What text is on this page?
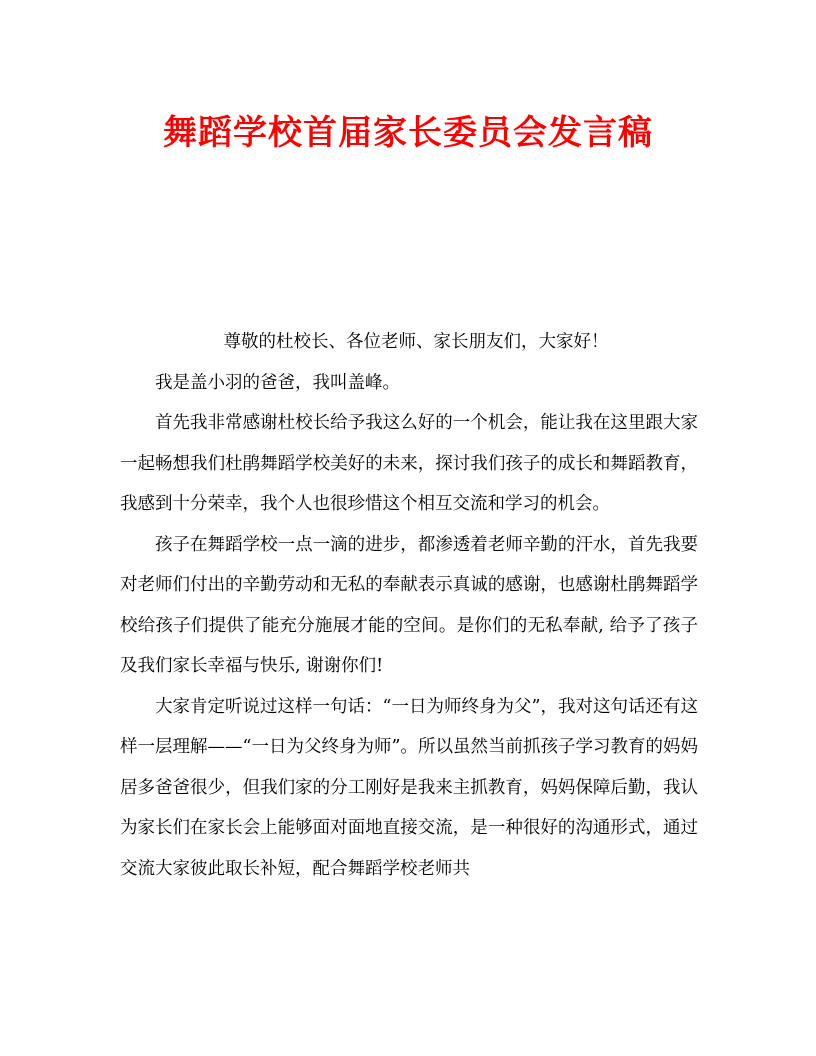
舞蹈学校首届家长委员会发言稿

尊敬的杜校长、各位老师、家长朋友们，大家好！

我是盖小羽的爸爸，我叫盖峰。

首先我非常感谢杜校长给予我这么好的一个机会，能让我在这里跟大家一起畅想我们杜鹃舞蹈学校美好的未来，探讨我们孩子的成长和舞蹈教育，我感到十分荣幸，我个人也很珍惜这个相互交流和学习的机会。

孩子在舞蹈学校一点一滴的进步，都渗透着老师辛勤的汗水，首先我要对老师们付出的辛勤劳动和无私的奉献表示真诚的感谢，也感谢杜鹃舞蹈学校给孩子们提供了能充分施展才能的空间。是你们的无私奉献, 给予了孩子及我们家长幸福与快乐, 谢谢你们!

大家肯定听说过这样一句话：“一日为师终身为父”，我对这句话还有这样一层理解——“一日为父终身为师”。所以虽然当前抓孩子学习教育的妈妈居多爸爸很少，但我们家的分工刚好是我来主抓教育，妈妈保障后勤，我认为家长们在家长会上能够面对面地直接交流，是一种很好的沟通形式，通过交流大家彼此取长补短，配合舞蹈学校老师共
